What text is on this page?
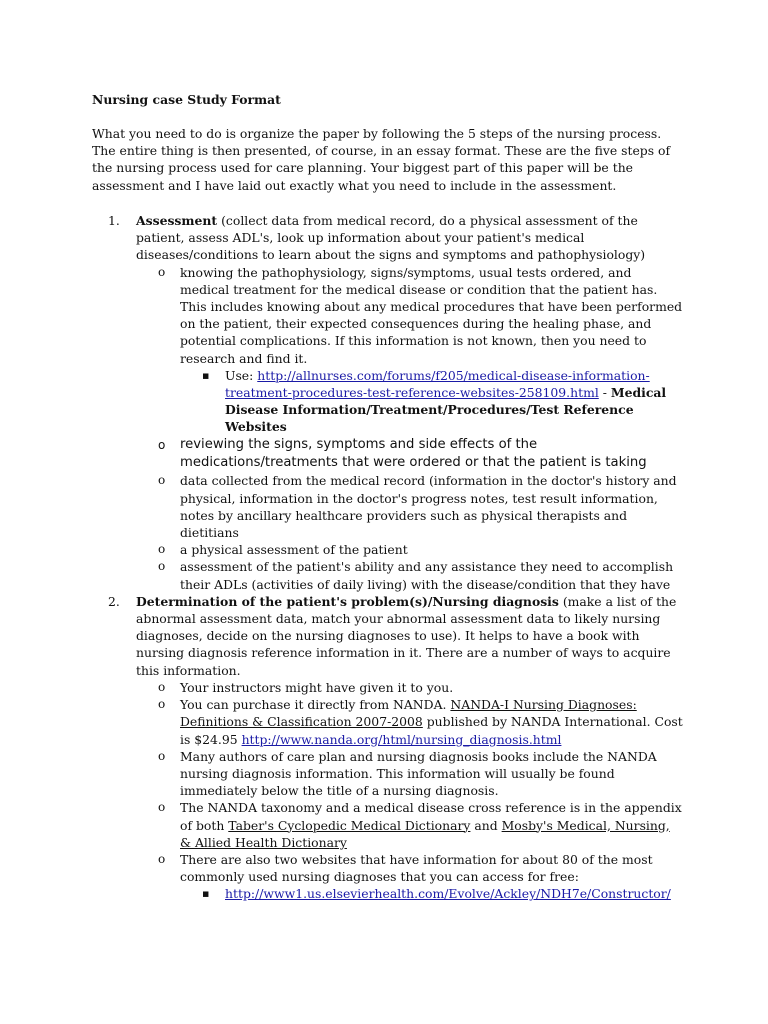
Nursing case Study Format
What you need to do is organize the paper by following the 5 steps of the nursing process. The entire thing is then presented, of course, in an essay format. These are the five steps of the nursing process used for care planning. Your biggest part of this paper will be the assessment and I have laid out exactly what you need to include in the assessment.
1. Assessment (collect data from medical record, do a physical assessment of the patient, assess ADL's, look up information about your patient's medical diseases/conditions to learn about the signs and symptoms and pathophysiology)
o knowing the pathophysiology, signs/symptoms, usual tests ordered, and medical treatment for the medical disease or condition that the patient has. This includes knowing about any medical procedures that have been performed on the patient, their expected consequences during the healing phase, and potential complications. If this information is not known, then you need to research and find it.
▪ Use: http://allnurses.com/forums/f205/medical-disease-information-treatment-procedures-test-reference-websites-258109.html - Medical Disease Information/Treatment/Procedures/Test Reference Websites
o reviewing the signs, symptoms and side effects of the medications/treatments that were ordered or that the patient is taking
o data collected from the medical record (information in the doctor's history and physical, information in the doctor's progress notes, test result information, notes by ancillary healthcare providers such as physical therapists and dietitians
o a physical assessment of the patient
o assessment of the patient's ability and any assistance they need to accomplish their ADLs (activities of daily living) with the disease/condition that they have
2. Determination of the patient's problem(s)/Nursing diagnosis (make a list of the abnormal assessment data, match your abnormal assessment data to likely nursing diagnoses, decide on the nursing diagnoses to use). It helps to have a book with nursing diagnosis reference information in it. There are a number of ways to acquire this information.
o Your instructors might have given it to you.
o You can purchase it directly from NANDA. NANDA-I Nursing Diagnoses: Definitions & Classification 2007-2008 published by NANDA International. Cost is $24.95 http://www.nanda.org/html/nursing_diagnosis.html
o Many authors of care plan and nursing diagnosis books include the NANDA nursing diagnosis information. This information will usually be found immediately below the title of a nursing diagnosis.
o The NANDA taxonomy and a medical disease cross reference is in the appendix of both Taber's Cyclopedic Medical Dictionary and Mosby's Medical, Nursing, & Allied Health Dictionary
o There are also two websites that have information for about 80 of the most commonly used nursing diagnoses that you can access for free:
▪ http://www1.us.elsevierhealth.com/Evolve/Ackley/NDH7e/Constructor/
